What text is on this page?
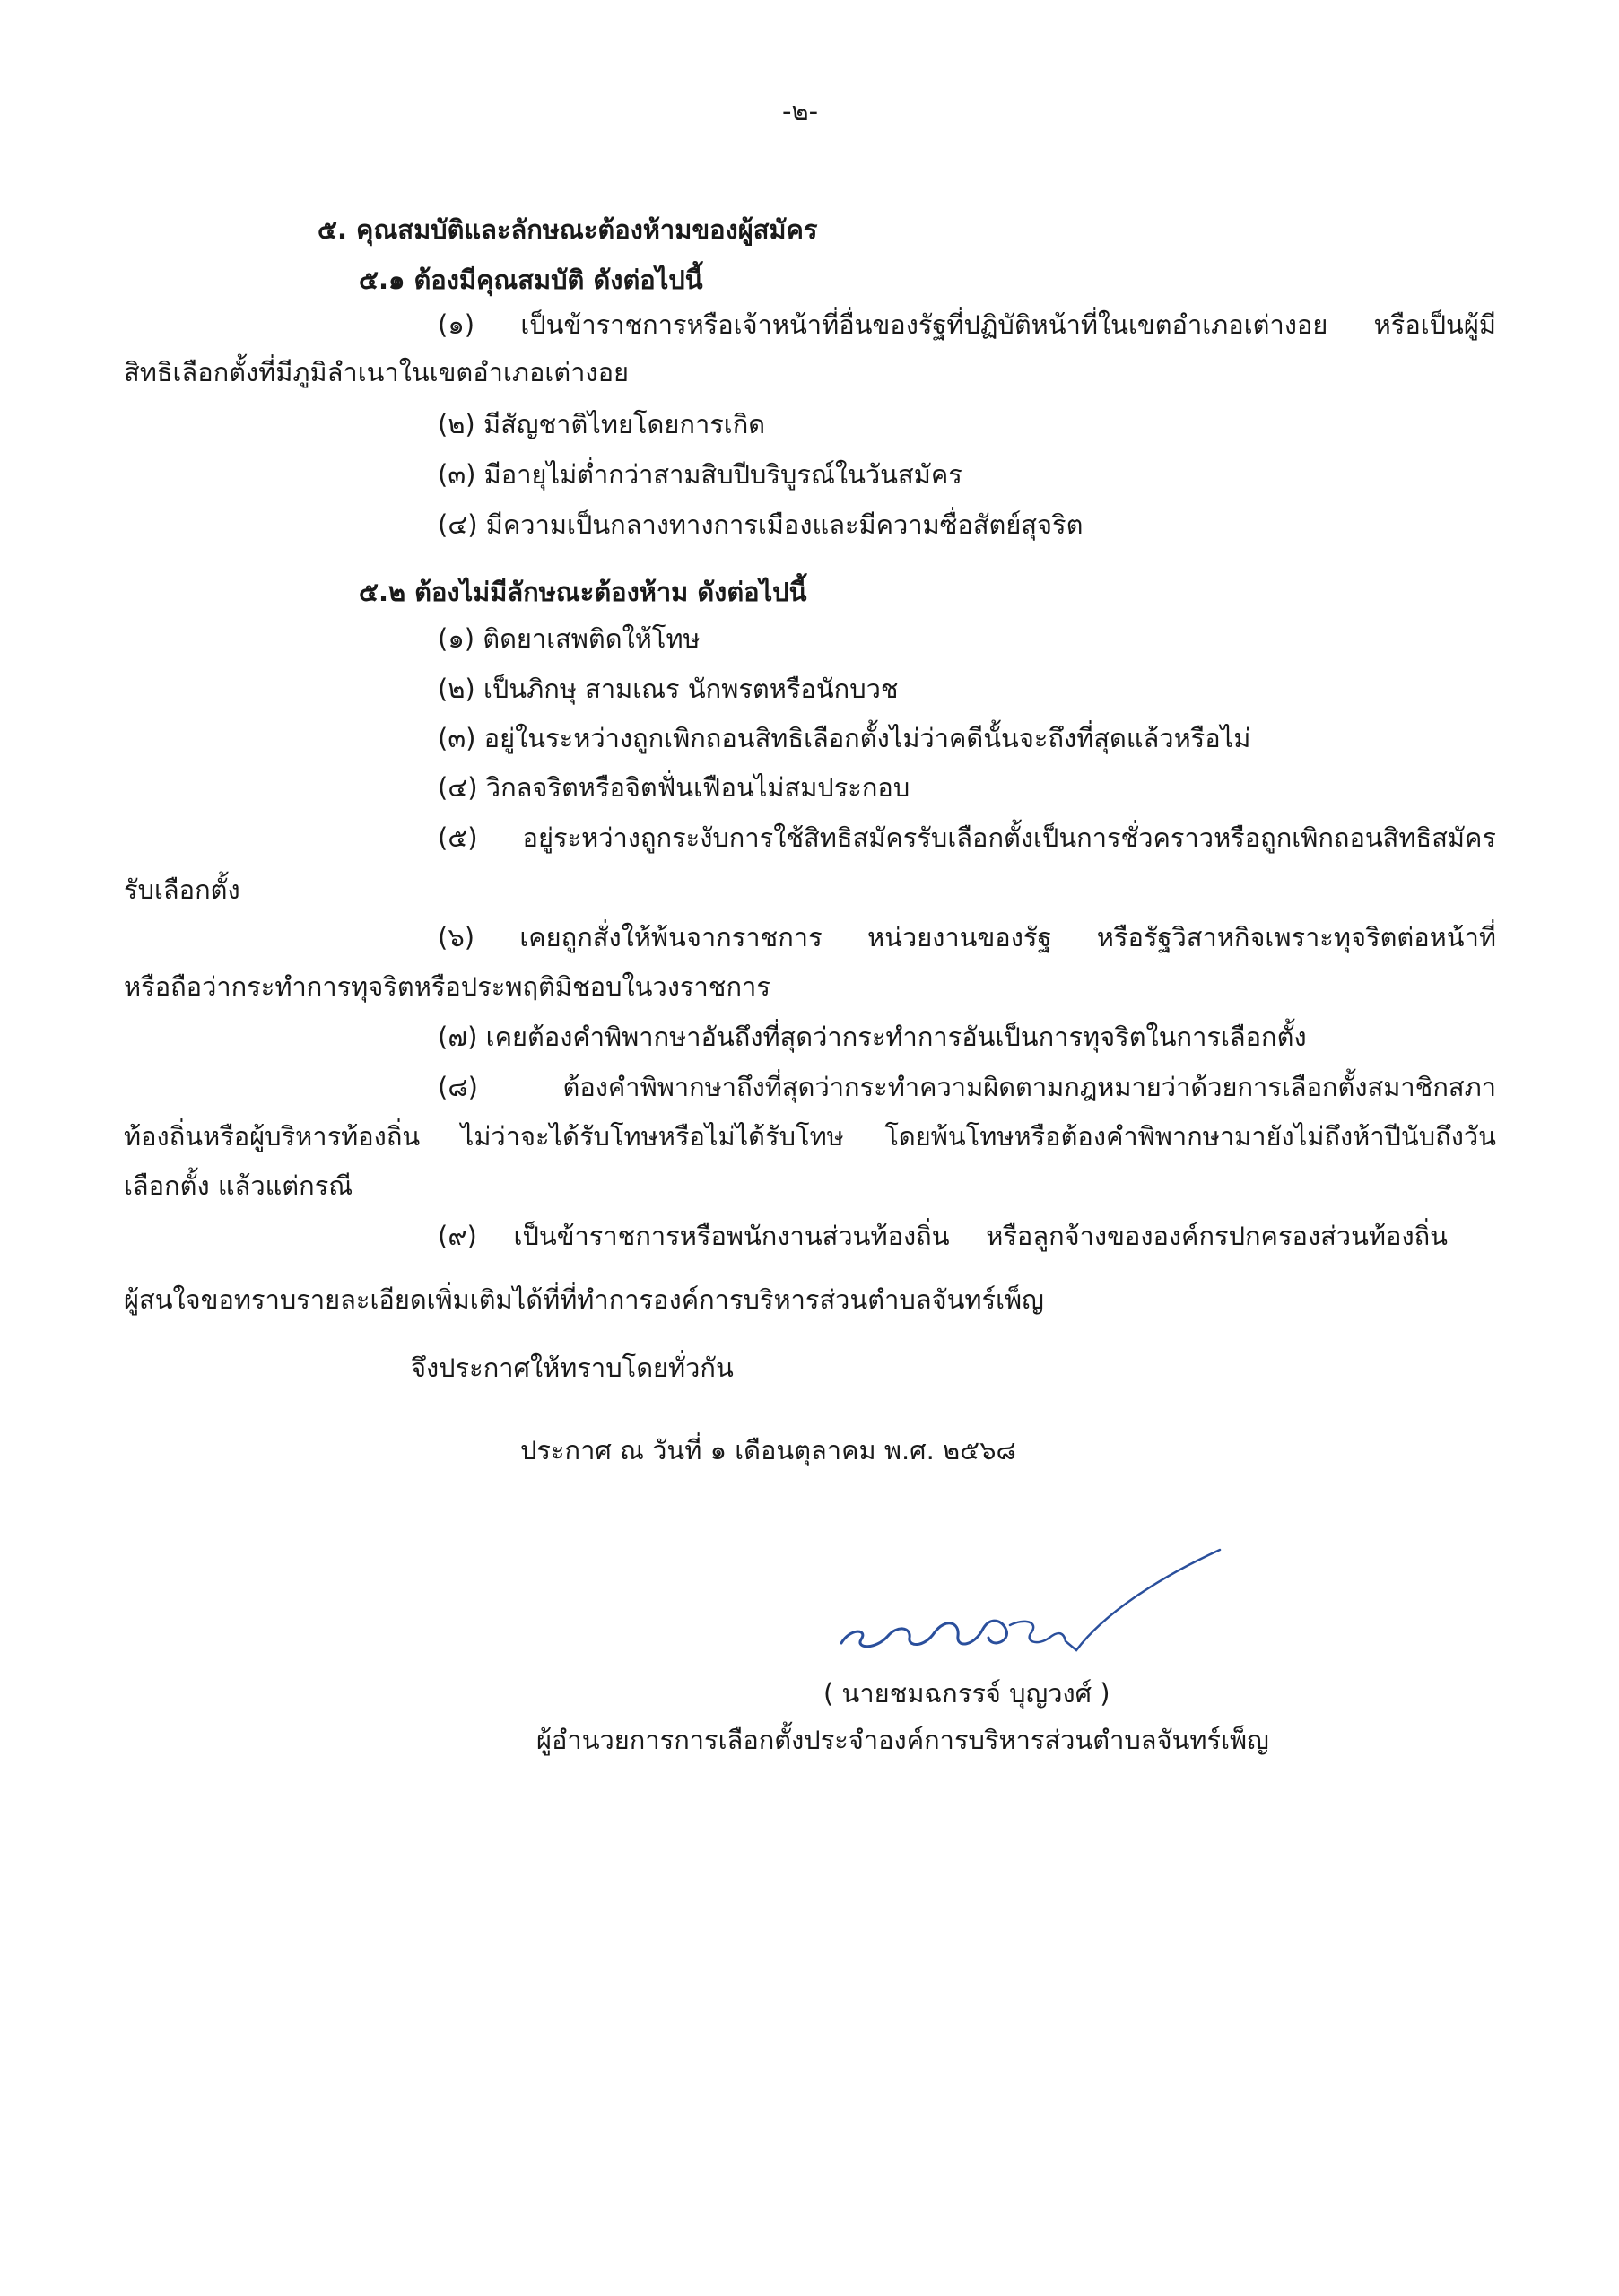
-๒-
๕. คุณสมบัติและลักษณะต้องห้ามของผู้สมัคร
๕.๑ ต้องมีคุณสมบัติ ดังต่อไปนี้
(๑) เป็นข้าราชการหรือเจ้าหน้าที่อื่นของรัฐที่ปฏิบัติหน้าที่ในเขตอำเภอเต่างอย หรือเป็นผู้มี
สิทธิเลือกตั้งที่มีภูมิลำเนาในเขตอำเภอเต่างอย
(๒) มีสัญชาติไทยโดยการเกิด
(๓) มีอายุไม่ต่ำกว่าสามสิบปีบริบูรณ์ในวันสมัคร
(๔) มีความเป็นกลางทางการเมืองและมีความซื่อสัตย์สุจริต
๕.๒ ต้องไม่มีลักษณะต้องห้าม ดังต่อไปนี้
(๑) ติดยาเสพติดให้โทษ
(๒) เป็นภิกษุ สามเณร นักพรตหรือนักบวช
(๓) อยู่ในระหว่างถูกเพิกถอนสิทธิเลือกตั้งไม่ว่าคดีนั้นจะถึงที่สุดแล้วหรือไม่
(๔) วิกลจริตหรือจิตฟั่นเฟือนไม่สมประกอบ
(๕) อยู่ระหว่างถูกระงับการใช้สิทธิสมัครรับเลือกตั้งเป็นการชั่วคราวหรือถูกเพิกถอนสิทธิสมัคร
รับเลือกตั้ง
(๖) เคยถูกสั่งให้พ้นจากราชการ หน่วยงานของรัฐ หรือรัฐวิสาหกิจเพราะทุจริตต่อหน้าที่
หรือถือว่ากระทำการทุจริตหรือประพฤติมิชอบในวงราชการ
(๗) เคยต้องคำพิพากษาอันถึงที่สุดว่ากระทำการอันเป็นการทุจริตในการเลือกตั้ง
(๘) ต้องคำพิพากษาถึงที่สุดว่ากระทำความผิดตามกฎหมายว่าด้วยการเลือกตั้งสมาชิกสภา
ท้องถิ่นหรือผู้บริหารท้องถิ่น ไม่ว่าจะได้รับโทษหรือไม่ได้รับโทษ โดยพ้นโทษหรือต้องคำพิพากษามายังไม่ถึงห้าปีนับถึงวัน
เลือกตั้ง แล้วแต่กรณี
(๙) เป็นข้าราชการหรือพนักงานส่วนท้องถิ่น หรือลูกจ้างขององค์กรปกครองส่วนท้องถิ่น
ผู้สนใจขอทราบรายละเอียดเพิ่มเติมได้ที่ที่ทำการองค์การบริหารส่วนตำบลจันทร์เพ็ญ
จึงประกาศให้ทราบโดยทั่วกัน
ประกาศ ณ วันที่ ๑ เดือนตุลาคม พ.ศ. ๒๕๖๘
( นายชมฉกรรจ์ บุญวงศ์ )
ผู้อำนวยการการเลือกตั้งประจำองค์การบริหารส่วนตำบลจันทร์เพ็ญ
